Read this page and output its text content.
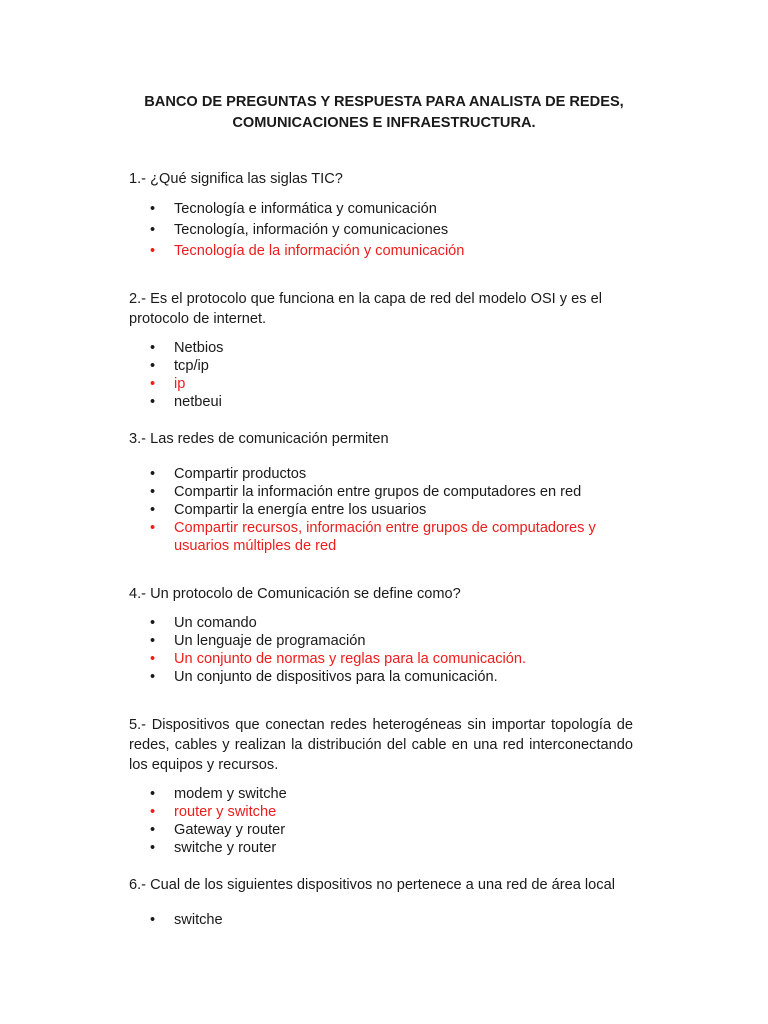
BANCO DE PREGUNTAS Y RESPUESTA PARA ANALISTA DE REDES,
COMUNICACIONES E INFRAESTRUCTURA.

1.- ¿Qué significa las siglas TIC?

• Tecnología e informática y comunicación
• Tecnología, información y comunicaciones
• Tecnología de la información y comunicación

2.- Es el protocolo que funciona en la capa de red del modelo OSI y es el protocolo de internet.

• Netbios
• tcp/ip
• ip
• netbeui

3.- Las redes de comunicación permiten

• Compartir productos
• Compartir la información entre grupos de computadores en red
• Compartir la energía entre los usuarios
• Compartir recursos, información entre grupos de computadores y usuarios múltiples de red

4.- Un protocolo de Comunicación se define como?

• Un comando
• Un lenguaje de programación
• Un conjunto de normas y reglas para la comunicación.
• Un conjunto de dispositivos para la comunicación.

5.- Dispositivos que conectan redes heterogéneas sin importar topología de redes, cables y realizan la distribución del cable en una red interconectando los equipos y recursos.

• modem y switche
• router y switche
• Gateway y router
• switche y router

6.- Cual de los siguientes dispositivos no pertenece a una red de área local

• switche
